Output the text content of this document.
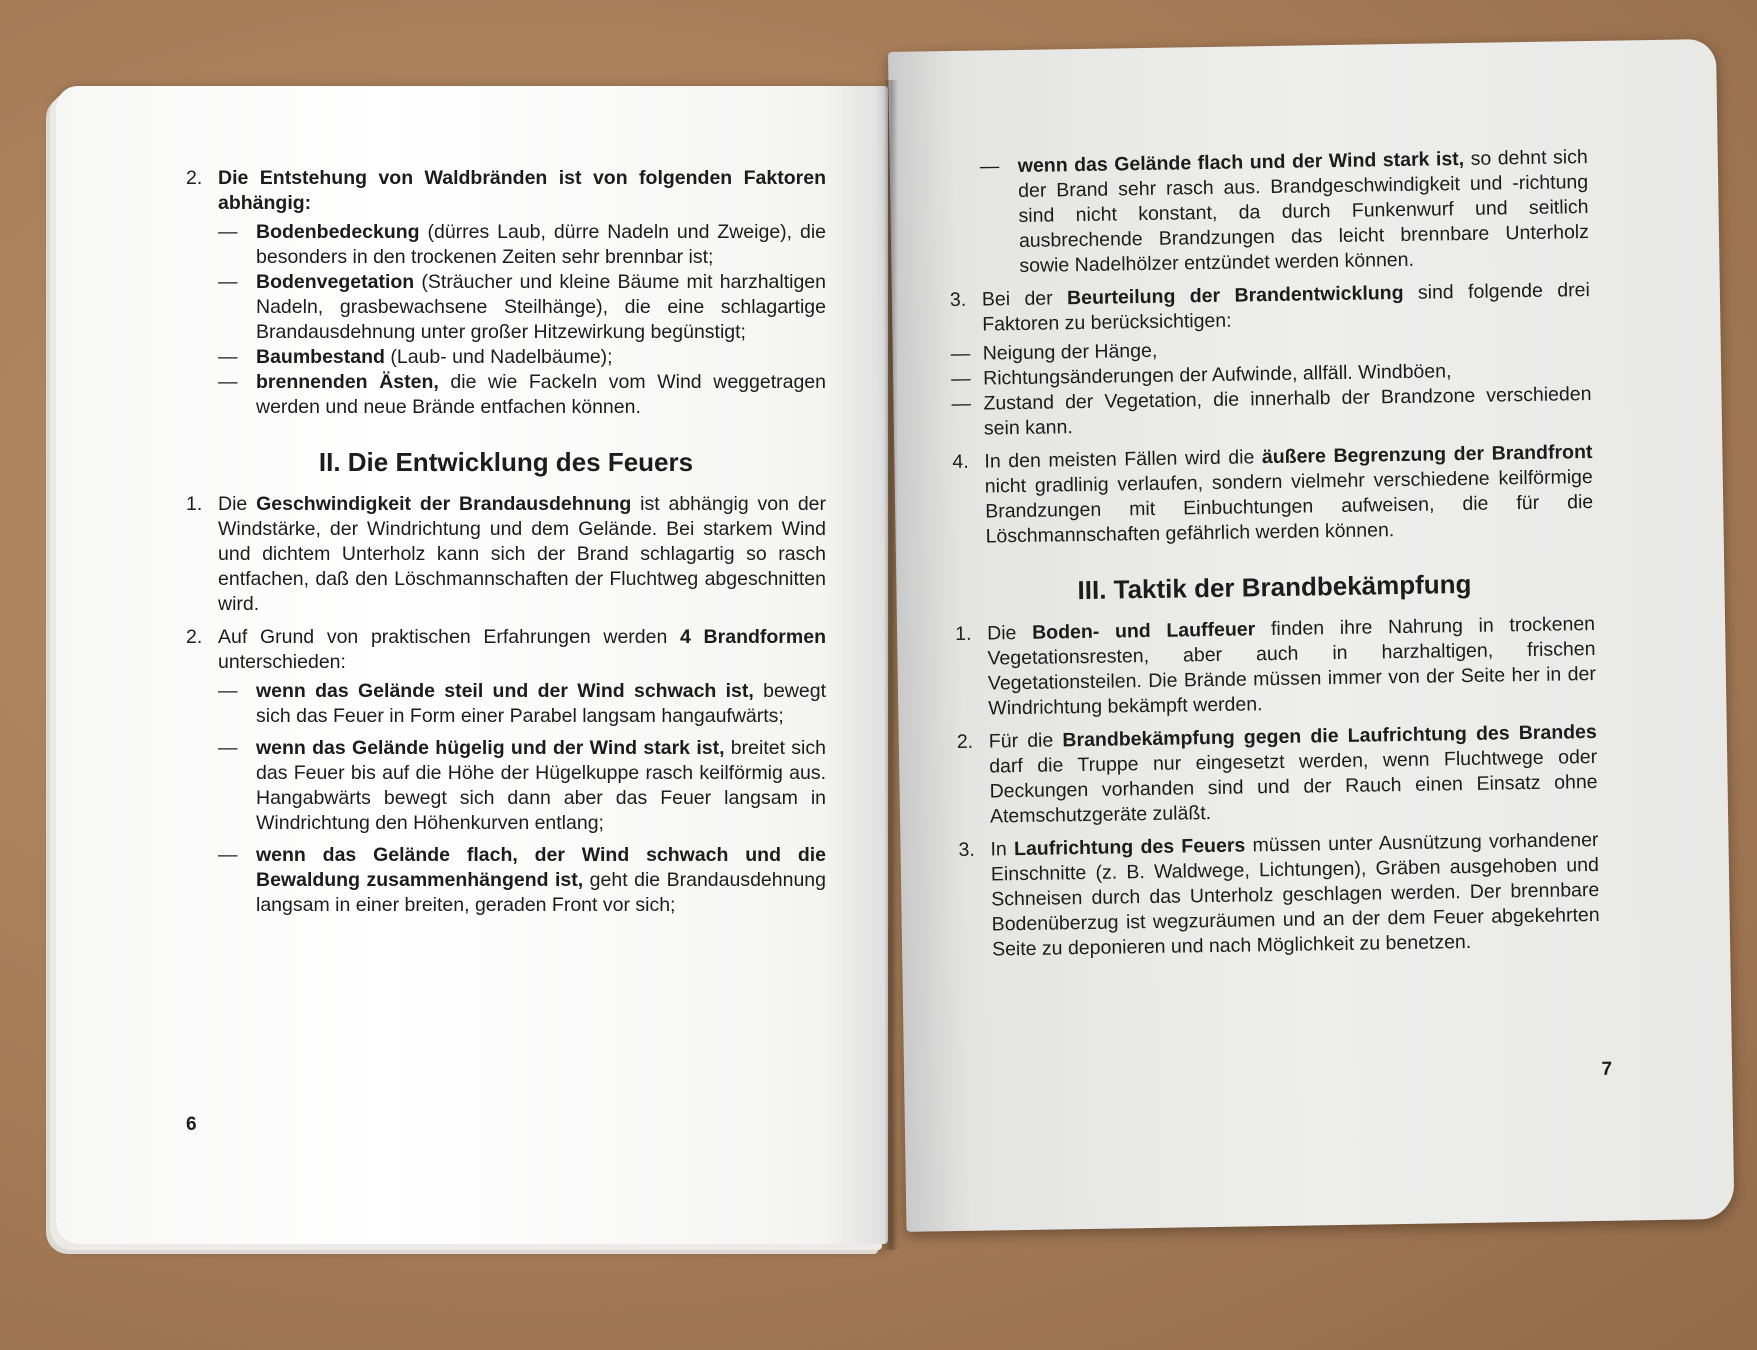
2. Die Entstehung von Waldbränden ist von folgenden Faktoren abhängig:

— Bodenbedeckung (dürres Laub, dürre Nadeln und Zweige), die besonders in den trockenen Zeiten sehr brennbar ist;
— Bodenvegetation (Sträucher und kleine Bäume mit harzhaltigen Nadeln, grasbewachsene Steilhänge), die eine schlagartige Brandausdehnung unter großer Hitzewirkung begünstigt;
— Baumbestand (Laub- und Nadelbäume);
— brennenden Ästen, die wie Fackeln vom Wind weggetragen werden und neue Brände entfachen können.
II. Die Entwicklung des Feuers
1. Die Geschwindigkeit der Brandausdehnung ist abhängig von der Windstärke, der Windrichtung und dem Gelände. Bei starkem Wind und dichtem Unterholz kann sich der Brand schlagartig so rasch entfachen, daß den Löschmannschaften der Fluchtweg abgeschnitten wird.

2. Auf Grund von praktischen Erfahrungen werden 4 Brandformen unterschieden:

— wenn das Gelände steil und der Wind schwach ist, bewegt sich das Feuer in Form einer Parabel langsam hangaufwärts;
— wenn das Gelände hügelig und der Wind stark ist, breitet sich das Feuer bis auf die Höhe der Hügelkuppe rasch keilförmig aus. Hangabwärts bewegt sich dann aber das Feuer langsam in Windrichtung den Höhenkurven entlang;
— wenn das Gelände flach, der Wind schwach und die Bewaldung zusammenhängend ist, geht die Brandausdehnung langsam in einer breiten, geraden Front vor sich;
6
— wenn das Gelände flach und der Wind stark ist, so dehnt sich der Brand sehr rasch aus. Brandgeschwindigkeit und -richtung sind nicht konstant, da durch Funkenwurf und seitlich ausbrechende Brandzungen das leicht brennbare Unterholz sowie Nadelhölzer entzündet werden können.
3. Bei der Beurteilung der Brandentwicklung sind folgende drei Faktoren zu berücksichtigen:

— Neigung der Hänge,
— Richtungsänderungen der Aufwinde, allfäll. Windböen,
— Zustand der Vegetation, die innerhalb der Brandzone verschieden sein kann.
4. In den meisten Fällen wird die äußere Begrenzung der Brandfront nicht gradlinig verlaufen, sondern vielmehr verschiedene keilförmige Brandzungen mit Einbuchtungen aufweisen, die für die Löschmannschaften gefährlich werden können.

III. Taktik der Brandbekämpfung
1. Die Boden- und Lauffeuer finden ihre Nahrung in trockenen Vegetationsresten, aber auch in harzhaltigen, frischen Vegetationsteilen. Die Brände müssen immer von der Seite her in der Windrichtung bekämpft werden.

2. Für die Brandbekämpfung gegen die Laufrichtung des Brandes darf die Truppe nur eingesetzt werden, wenn Fluchtwege oder Deckungen vorhanden sind und der Rauch einen Einsatz ohne Atemschutzgeräte zuläßt.

3. In Laufrichtung des Feuers müssen unter Ausnützung vorhandener Einschnitte (z. B. Waldwege, Lichtungen), Gräben ausgehoben und Schneisen durch das Unterholz geschlagen werden. Der brennbare Bodenüberzug ist wegzuräumen und an der dem Feuer abgekehrten Seite zu deponieren und nach Möglichkeit zu benetzen.

7
